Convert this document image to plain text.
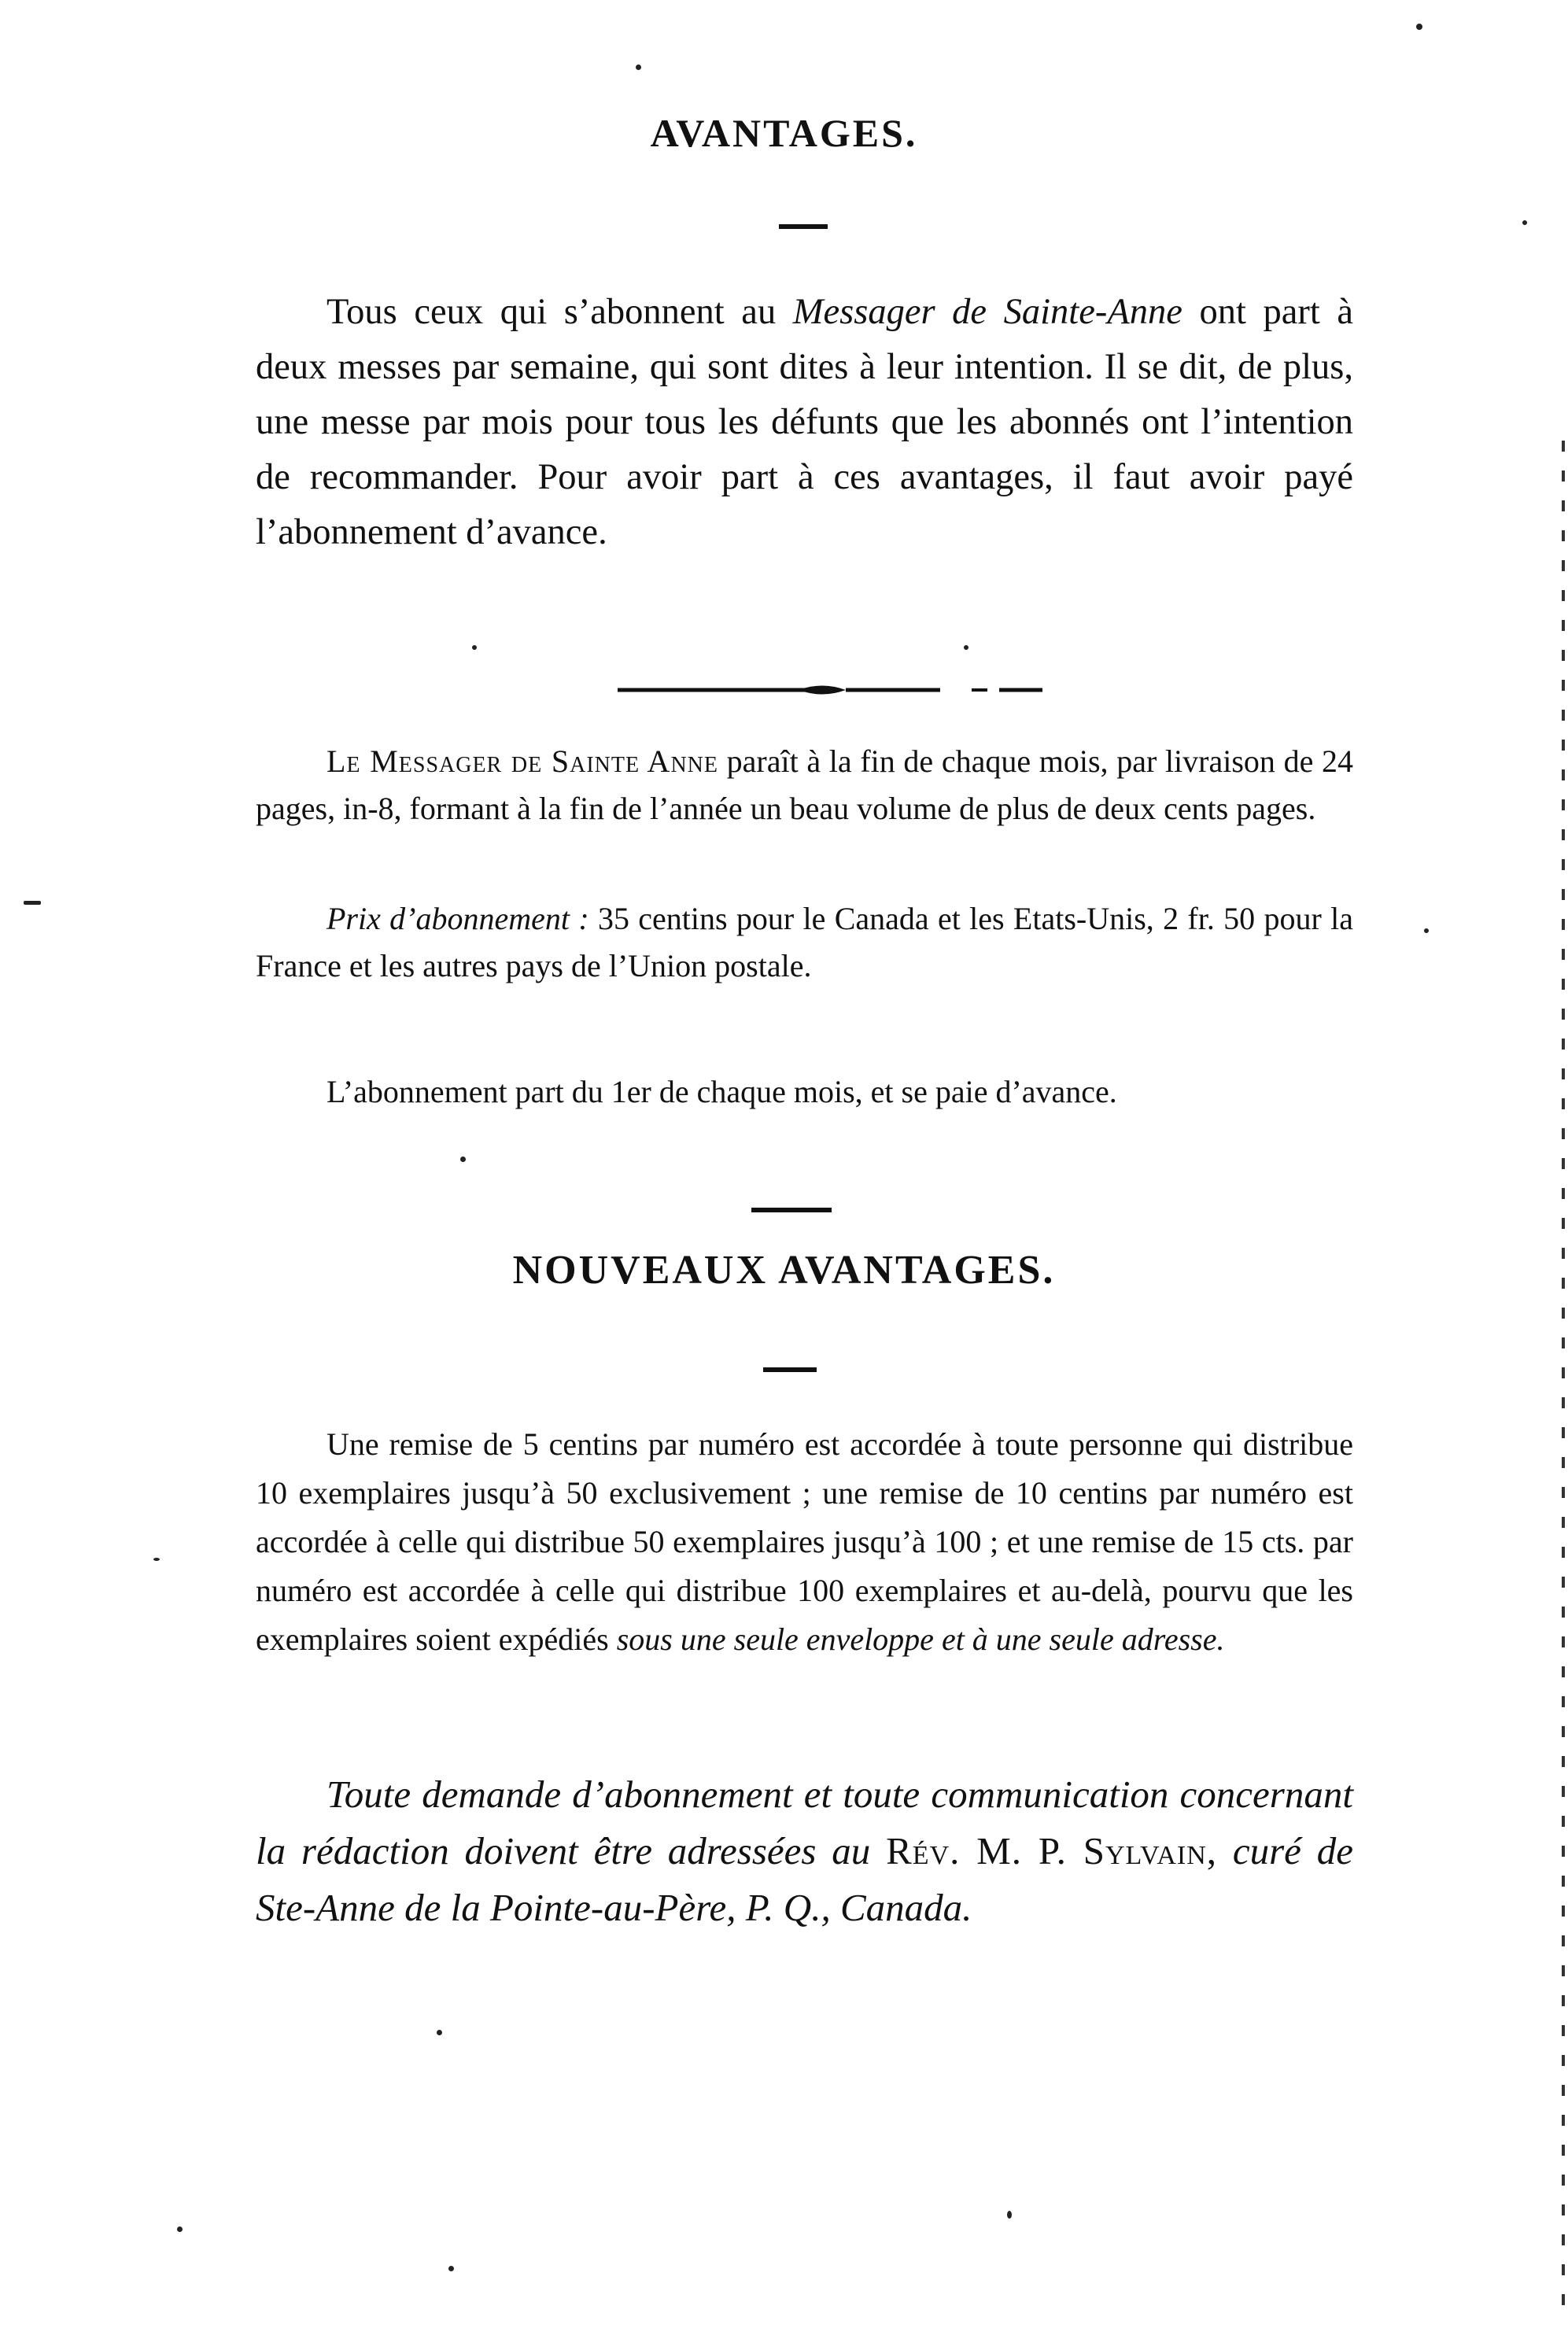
AVANTAGES.

Tous ceux qui s’abonnent au Messager de Sainte-Anne ont part à deux messes par semaine, qui sont dites à leur intention. Il se dit, de plus, une messe par mois pour tous les défunts que les abonnés ont l’intention de recommander. Pour avoir part à ces avantages, il faut avoir payé l’abonnement d’avance.

Le Messager de Sainte Anne paraît à la fin de chaque mois, par livraison de 24 pages, in-8, formant à la fin de l’année un beau volume de plus de deux cents pages.

Prix d’abonnement : 35 centins pour le Canada et les Etats-Unis, 2 fr. 50 pour la France et les autres pays de l’Union postale.

L’abonnement part du 1er de chaque mois, et se paie d’avance.

NOUVEAUX AVANTAGES.

Une remise de 5 centins par numéro est accordée à toute personne qui distribue 10 exemplaires jusqu’à 50 exclusivement ; une remise de 10 centins par numéro est accordée à celle qui distribue 50 exemplaires jusqu’à 100 ; et une remise de 15 cts. par numéro est accordée à celle qui distribue 100 exemplaires et au-delà, pourvu que les exemplaires soient expédiés sous une seule enveloppe et à une seule adresse.

Toute demande d’abonnement et toute communication concernant la rédaction doivent être adressées au Rév. M. P. Sylvain, curé de Ste-Anne de la Pointe-au-Père, P. Q., Canada.
